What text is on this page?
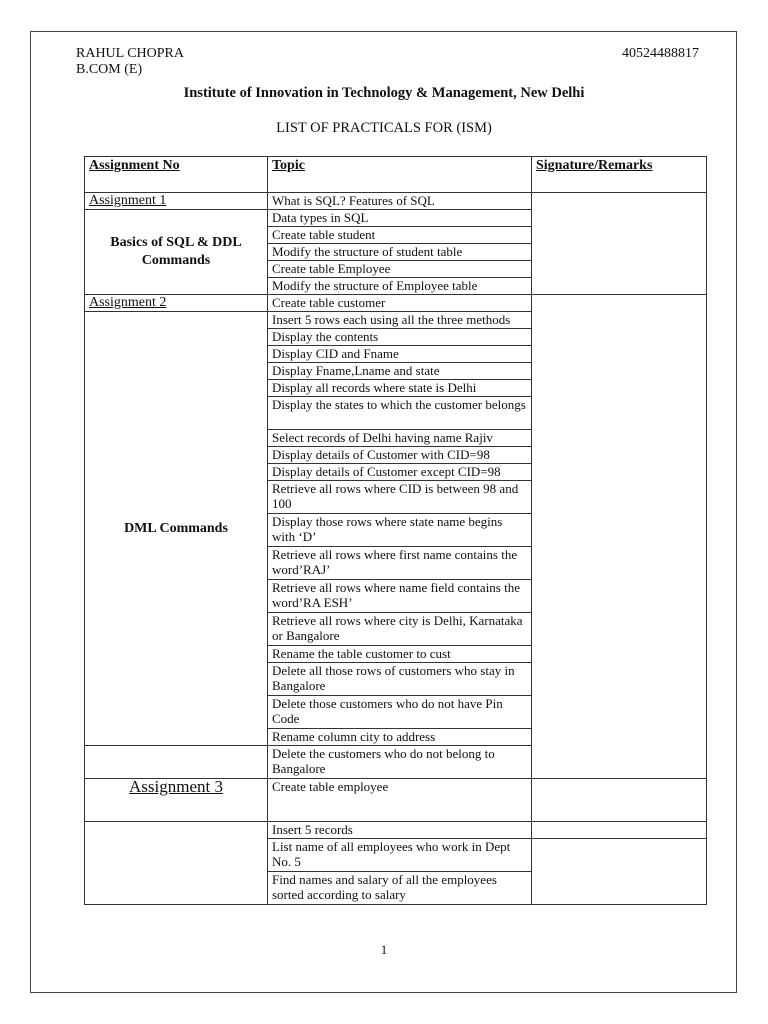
RAHUL CHOPRA
B.COM (E)
40524488817
Institute of Innovation in Technology & Management, New Delhi
LIST OF PRACTICALS FOR (ISM)
Assignment No	Topic	Signature/Remarks
Assignment 1	What is SQL? Features of SQL	
Basics of SQL & DDL Commands	Data types in SQL	
	Create table student	
	Modify the structure of student table	
	Create table Employee	
	Modify the structure of Employee table	
Assignment 2	Create table customer	
DML Commands	Insert 5 rows each using all the three methods	
	Display the contents	
	Display CID and Fname	
	Display Fname,Lname and state	
	Display all records where state is Delhi	
	Display the states to which the customer belongs	
	Select records of Delhi having name Rajiv	
	Display details of Customer with CID=98	
	Display details of Customer except CID=98	
	Retrieve all rows where CID is between 98 and 100	
	Display those rows where state name begins with ‘D’	
	Retrieve all rows where first name contains the word’RAJ’	
	Retrieve all rows where name field contains the word’RA ESH’	
	Retrieve all rows where city is Delhi, Karnataka or Bangalore	
	Rename the table customer to cust	
	Delete all those rows of customers who stay in Bangalore	
	Delete those customers who do not have Pin Code	
	Rename column city to address	
	Delete the customers who do not belong to Bangalore	
Assignment 3	Create table employee	
	Insert 5 records	
	List name of all employees who work in Dept No. 5	
	Find names and salary of all the employees sorted according to salary	
1
